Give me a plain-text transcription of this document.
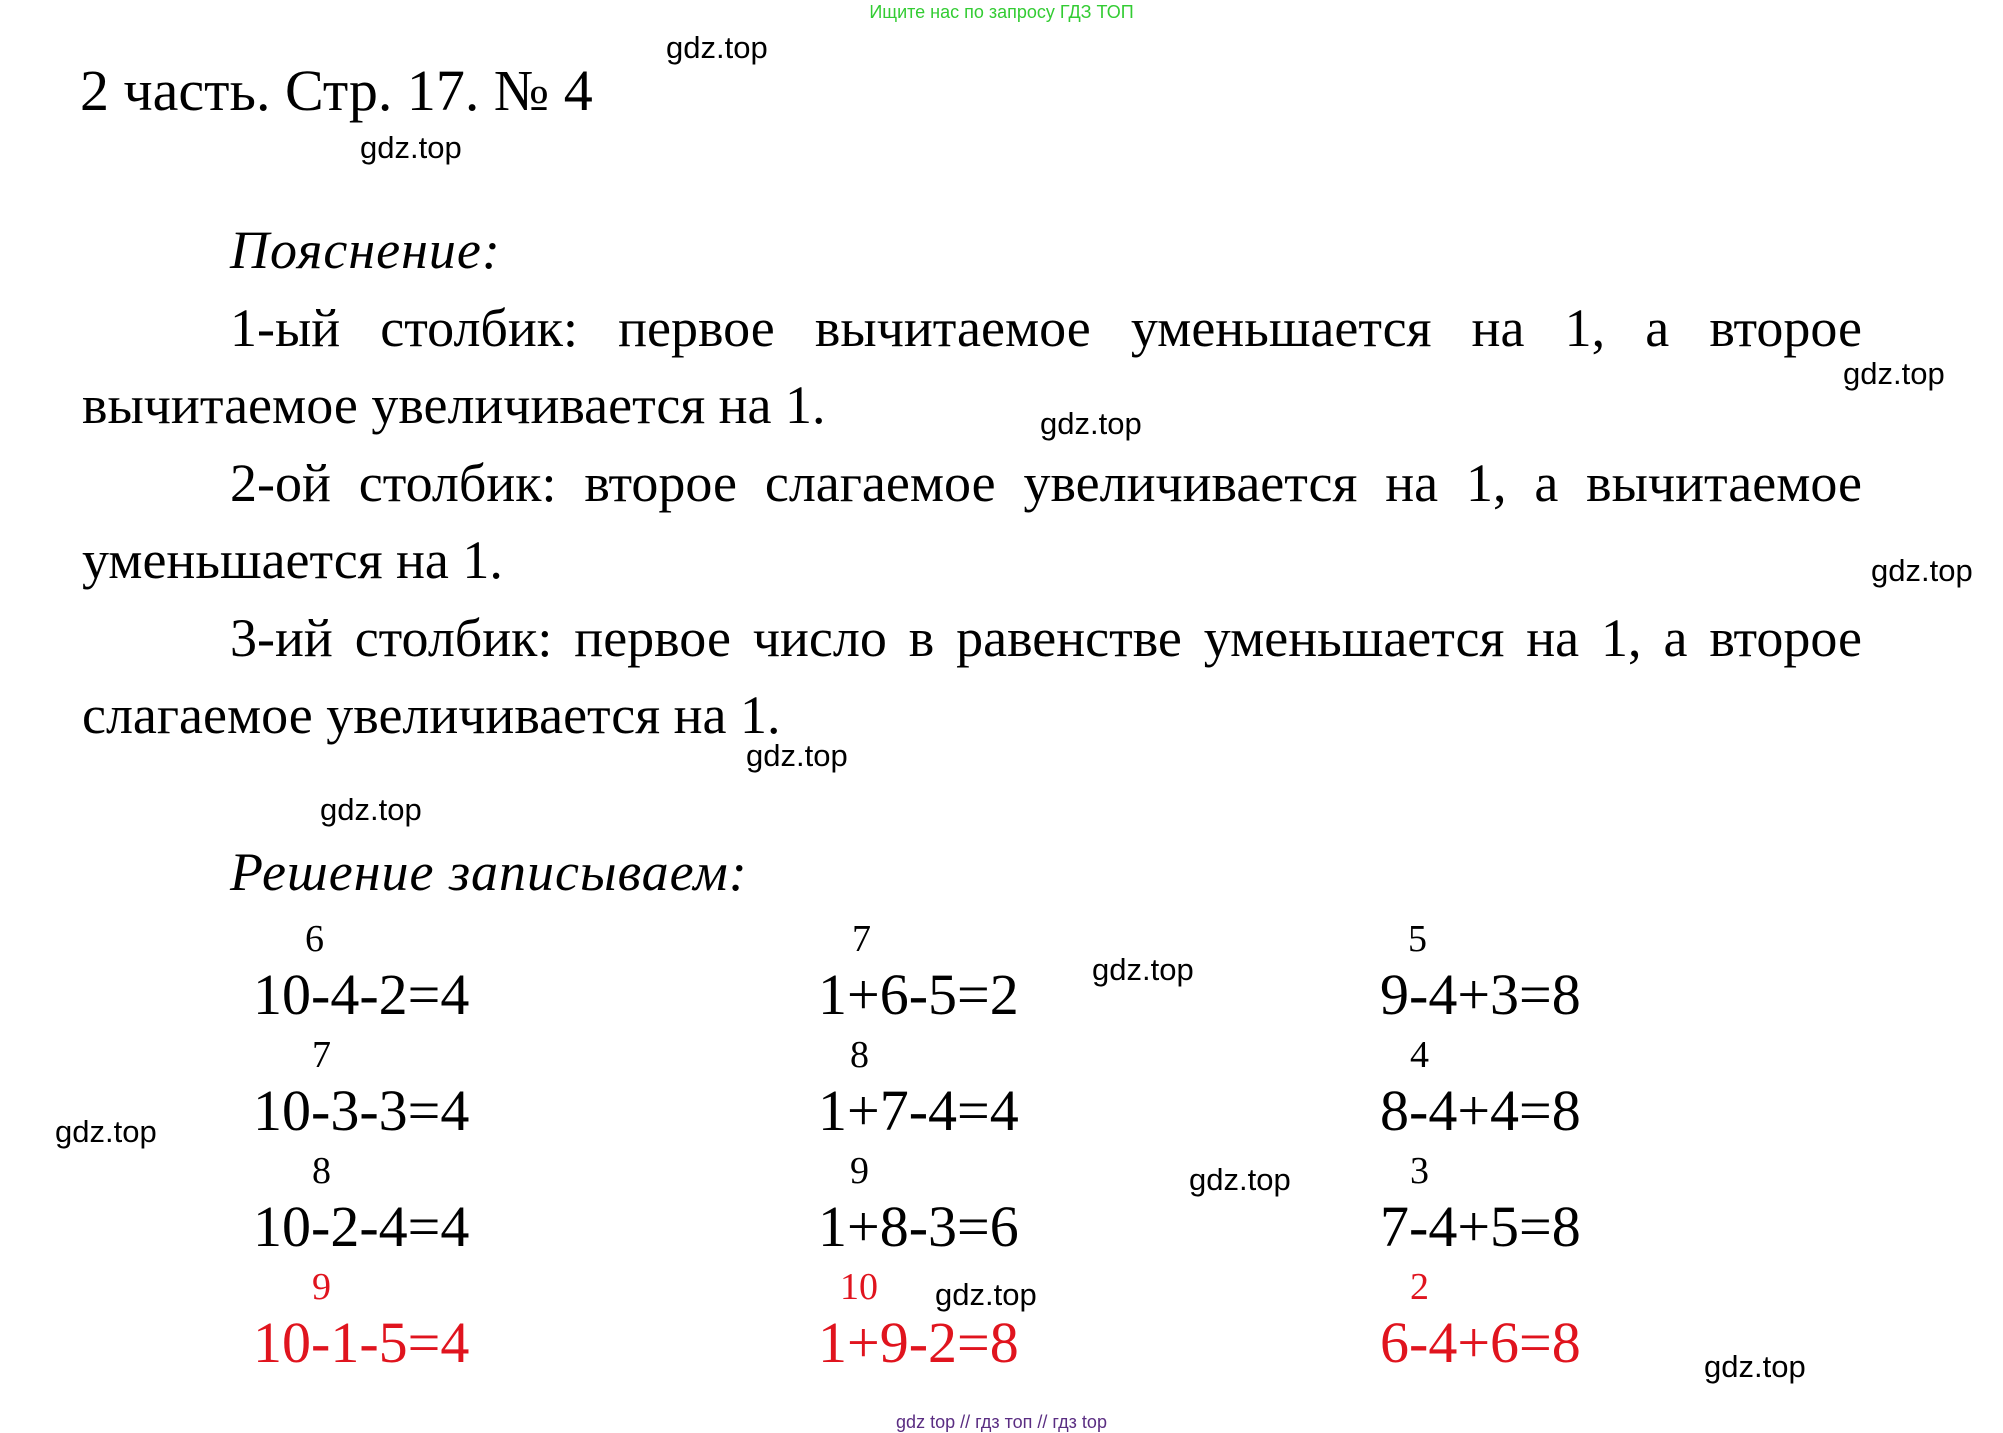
Ищите нас по запросу ГДЗ ТОП
2 часть. Стр. 17. № 4
Пояснение:
1-ый столбик: первое вычитаемое уменьшается на 1, а второе вычитаемое увеличивается на 1.
2-ой столбик: второе слагаемое увеличивается на 1, а вычитаемое уменьшается на 1.
3-ий столбик: первое число в равенстве уменьшается на 1, а второе слагаемое увеличивается на 1.
Решение записываем:
6
10-4-2=4
7
10-3-3=4
8
10-2-4=4
9
10-1-5=4
7
1+6-5=2
8
1+7-4=4
9
1+8-3=6
10
1+9-2=8
5
9-4+3=8
4
8-4+4=8
3
7-4+5=8
2
6-4+6=8
gdz.top
gdz.top
gdz.top
gdz.top
gdz.top
gdz.top
gdz.top
gdz.top
gdz.top
gdz.top
gdz.top
gdz.top
gdz top // гдз топ // гдз top
